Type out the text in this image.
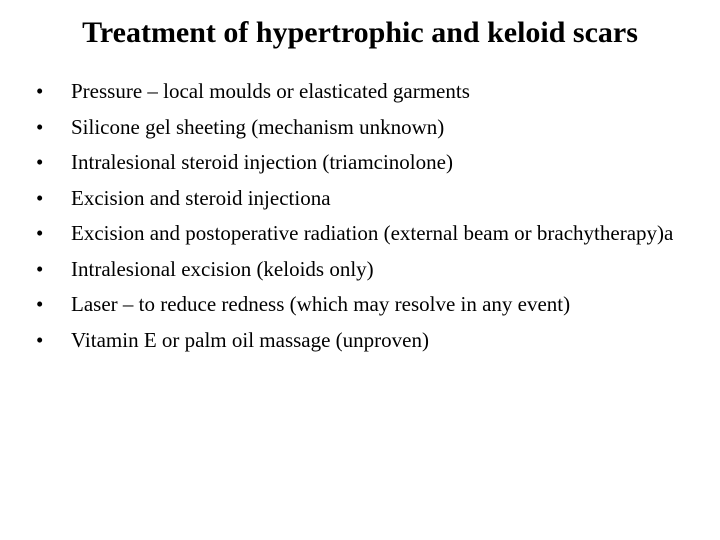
Treatment of hypertrophic and keloid scars
•	Pressure – local moulds or elasticated garments
•	Silicone gel sheeting (mechanism unknown)
•	Intralesional steroid injection (triamcinolone)
•	Excision and steroid injectiona
•	Excision and postoperative radiation (external beam or brachytherapy)a
•	Intralesional excision (keloids only)
•	Laser – to reduce redness (which may resolve in any event)
•	Vitamin E or palm oil massage (unproven)
